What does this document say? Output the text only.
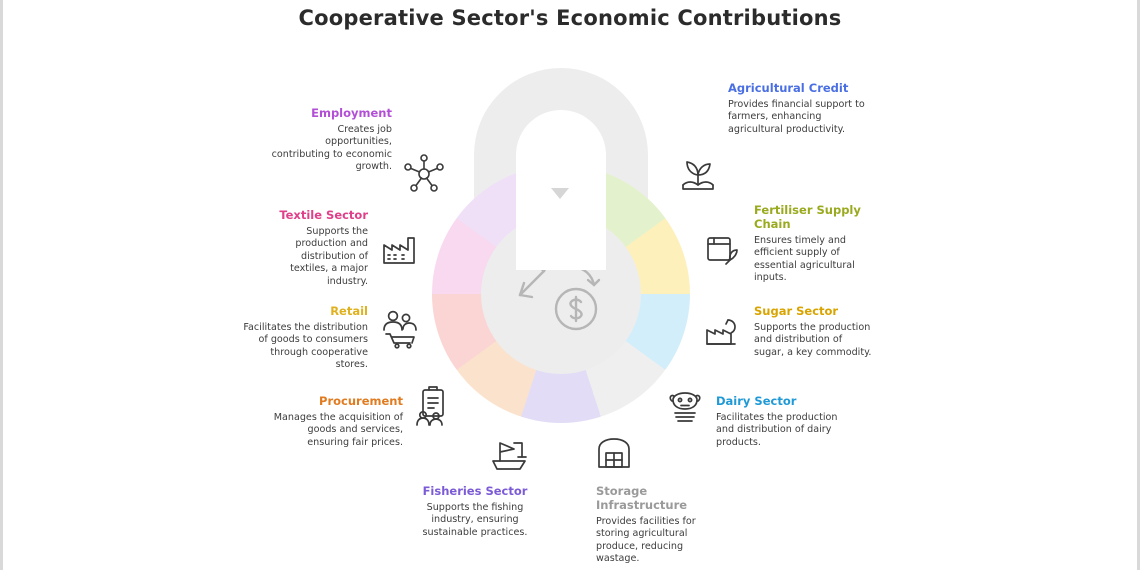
Cooperative Sector's Economic Contributions
Agricultural Credit
Provides financial support to farmers, enhancing agricultural productivity.
Fertiliser Supply Chain
Ensures timely and efficient supply of essential agricultural inputs.
Sugar Sector
Supports the production and distribution of sugar, a key commodity.
Dairy Sector
Facilitates the production and distribution of dairy products.
Storage Infrastructure
Provides facilities for storing agricultural produce, reducing wastage.
Fisheries Sector
Supports the fishing industry, ensuring sustainable practices.
Procurement
Manages the acquisition of goods and services, ensuring fair prices.
Retail
Facilitates the distribution of goods to consumers through cooperative stores.
Textile Sector
Supports the production and distribution of textiles, a major industry.
Employment
Creates job opportunities, contributing to economic growth.
